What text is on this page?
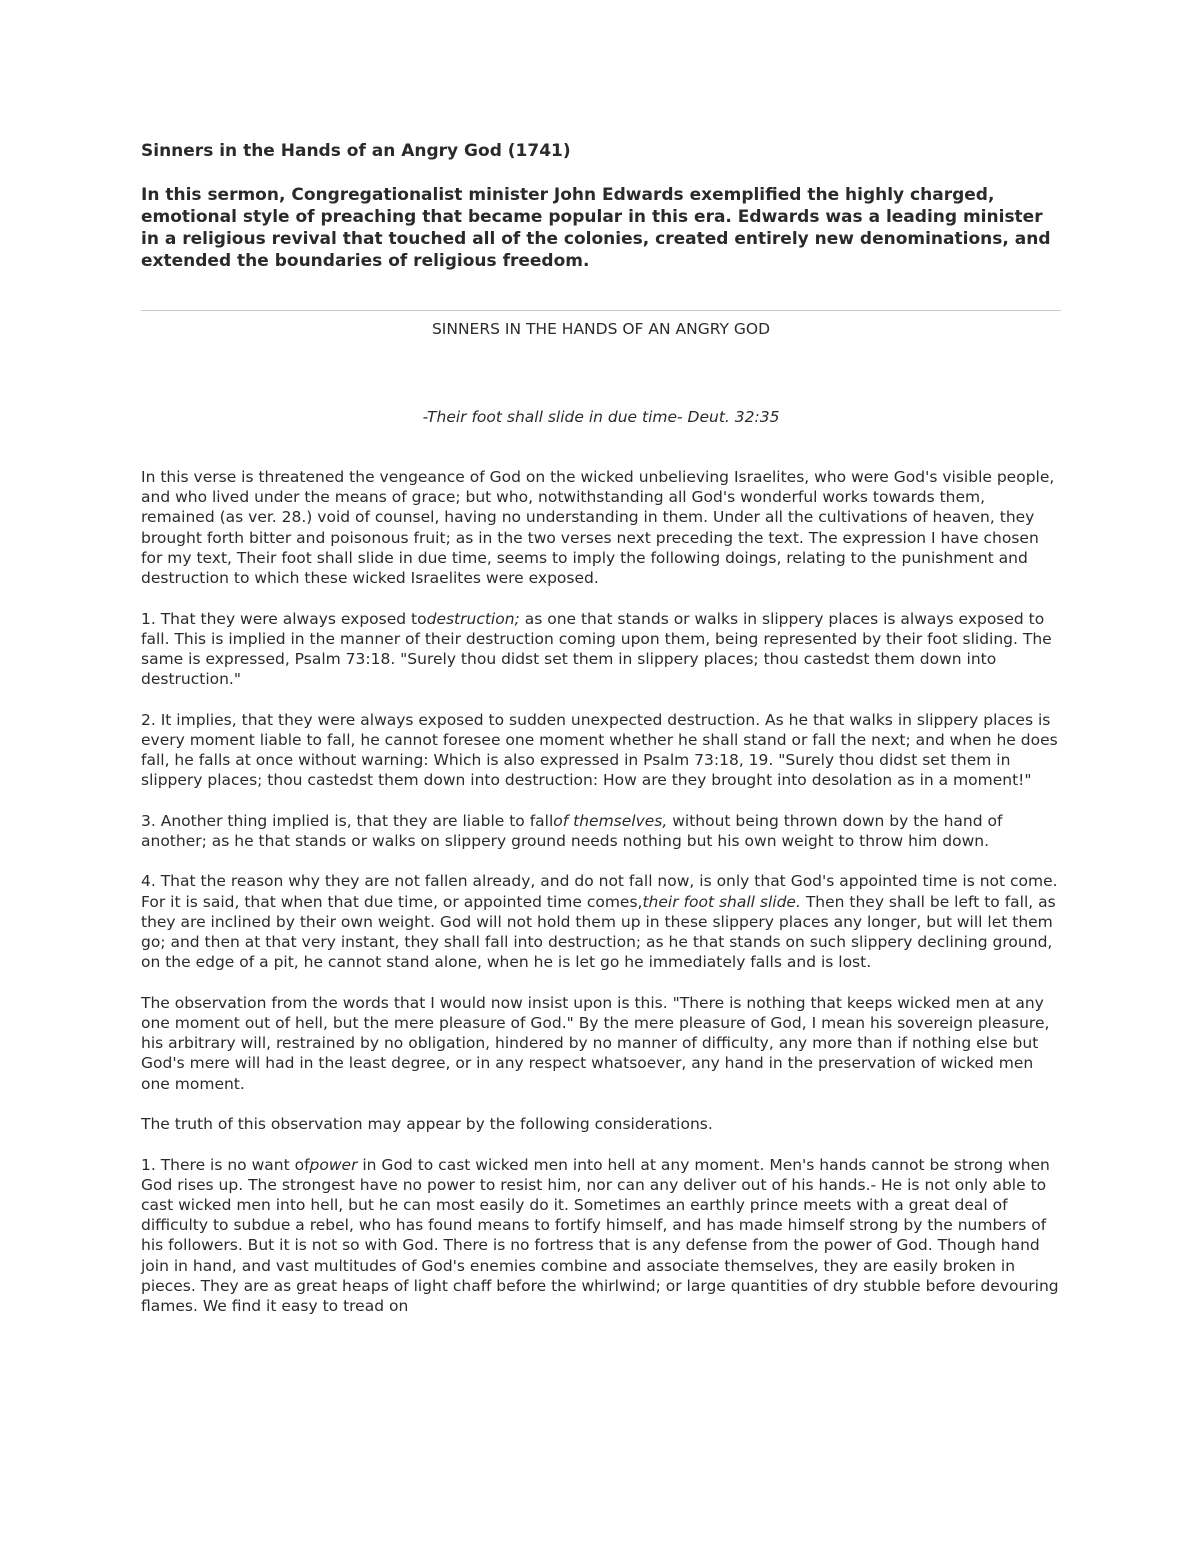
Sinners in the Hands of an Angry God (1741)

In this sermon, Congregationalist minister John Edwards exemplified the highly charged, emotional style of preaching that became popular in this era. Edwards was a leading minister in a religious revival that touched all of the colonies, created entirely new denominations, and extended the boundaries of religious freedom.

SINNERS IN THE HANDS OF AN ANGRY GOD
-Their foot shall slide in due time- Deut. 32:35

In this verse is threatened the vengeance of God on the wicked unbelieving Israelites, who were God's visible people, and who lived under the means of grace; but who, notwithstanding all God's wonderful works towards them, remained (as ver. 28.) void of counsel, having no understanding in them. Under all the cultivations of heaven, they brought forth bitter and poisonous fruit; as in the two verses next preceding the text. The expression I have chosen for my text, Their foot shall slide in due time, seems to imply the following doings, relating to the punishment and destruction to which these wicked Israelites were exposed.

1. That they were always exposed todestruction; as one that stands or walks in slippery places is always exposed to fall. This is implied in the manner of their destruction coming upon them, being represented by their foot sliding. The same is expressed, Psalm 73:18. "Surely thou didst set them in slippery places; thou castedst them down into destruction."

2. It implies, that they were always exposed to sudden unexpected destruction. As he that walks in slippery places is every moment liable to fall, he cannot foresee one moment whether he shall stand or fall the next; and when he does fall, he falls at once without warning: Which is also expressed in Psalm 73:18, 19. "Surely thou didst set them in slippery places; thou castedst them down into destruction: How are they brought into desolation as in a moment!"

3. Another thing implied is, that they are liable to fallof themselves, without being thrown down by the hand of another; as he that stands or walks on slippery ground needs nothing but his own weight to throw him down.

4. That the reason why they are not fallen already, and do not fall now, is only that God's appointed time is not come. For it is said, that when that due time, or appointed time comes,their foot shall slide. Then they shall be left to fall, as they are inclined by their own weight. God will not hold them up in these slippery places any longer, but will let them go; and then at that very instant, they shall fall into destruction; as he that stands on such slippery declining ground, on the edge of a pit, he cannot stand alone, when he is let go he immediately falls and is lost.

The observation from the words that I would now insist upon is this. "There is nothing that keeps wicked men at any one moment out of hell, but the mere pleasure of God." By the mere pleasure of God, I mean his sovereign pleasure, his arbitrary will, restrained by no obligation, hindered by no manner of difficulty, any more than if nothing else but God's mere will had in the least degree, or in any respect whatsoever, any hand in the preservation of wicked men one moment.

The truth of this observation may appear by the following considerations.

1. There is no want ofpower in God to cast wicked men into hell at any moment. Men's hands cannot be strong when God rises up. The strongest have no power to resist him, nor can any deliver out of his hands.- He is not only able to cast wicked men into hell, but he can most easily do it. Sometimes an earthly prince meets with a great deal of difficulty to subdue a rebel, who has found means to fortify himself, and has made himself strong by the numbers of his followers. But it is not so with God. There is no fortress that is any defense from the power of God. Though hand join in hand, and vast multitudes of God's enemies combine and associate themselves, they are easily broken in pieces. They are as great heaps of light chaff before the whirlwind; or large quantities of dry stubble before devouring flames. We find it easy to tread on
